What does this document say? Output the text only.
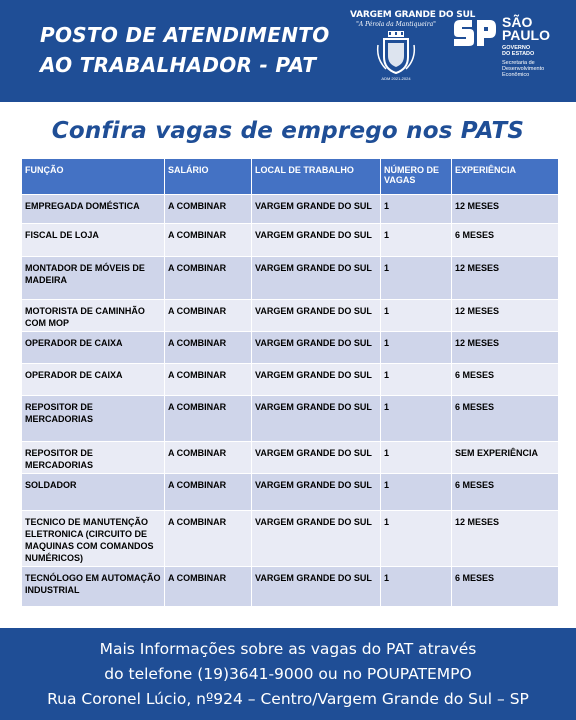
POSTO DE ATENDIMENTO
AO TRABALHADOR - PAT
VARGEM GRANDE DO SUL
"A Pérola da Mantiqueira"
ADM 2021-2024
SÃO
PAULO
GOVERNO
DO ESTADO
Secretaria de
Desenvolvimento
Econômico
Confira vagas de emprego nos PATS
FUNÇÃO	SALÁRIO	LOCAL DE TRABALHO	NÚMERO DE VAGAS	EXPERIÊNCIA
EMPREGADA DOMÉSTICA	A COMBINAR	VARGEM GRANDE DO SUL	1	12 MESES
FISCAL DE LOJA	A COMBINAR	VARGEM GRANDE DO SUL	1	6 MESES
MONTADOR DE MÓVEIS DE MADEIRA	A COMBINAR	VARGEM GRANDE DO SUL	1	12 MESES
MOTORISTA DE CAMINHÃO COM MOP	A COMBINAR	VARGEM GRANDE DO SUL	1	12 MESES
OPERADOR DE CAIXA	A COMBINAR	VARGEM GRANDE DO SUL	1	12 MESES
OPERADOR DE CAIXA	A COMBINAR	VARGEM GRANDE DO SUL	1	6 MESES
REPOSITOR DE MERCADORIAS	A COMBINAR	VARGEM GRANDE DO SUL	1	6 MESES
REPOSITOR DE MERCADORIAS	A COMBINAR	VARGEM GRANDE DO SUL	1	SEM EXPERIÊNCIA
SOLDADOR	A COMBINAR	VARGEM GRANDE DO SUL	1	6 MESES
TECNICO DE MANUTENÇÃO ELETRONICA (CIRCUITO DE MAQUINAS COM COMANDOS NUMÉRICOS)	A COMBINAR	VARGEM GRANDE DO SUL	1	12 MESES
TECNÓLOGO EM AUTOMAÇÃO INDUSTRIAL	A COMBINAR	VARGEM GRANDE DO SUL	1	6 MESES
Mais Informações sobre as vagas do PAT através
do telefone (19)3641-9000 ou no POUPATEMPO
Rua Coronel Lúcio, nº924 – Centro/Vargem Grande do Sul – SP
